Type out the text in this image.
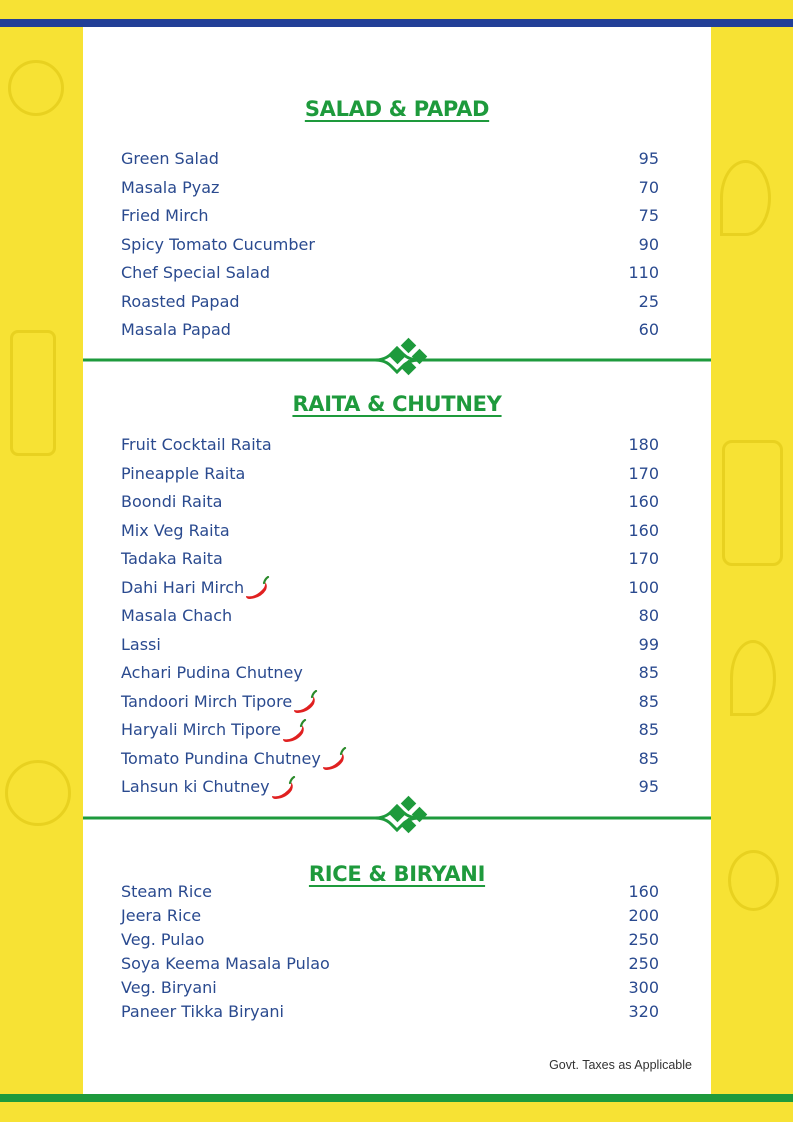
SALAD & PAPAD
Green Salad	95
Masala Pyaz	70
Fried Mirch	75
Spicy Tomato Cucumber	90
Chef Special Salad	110
Roasted Papad	25
Masala Papad	60
RAITA & CHUTNEY
Fruit Cocktail Raita	180
Pineapple Raita	170
Boondi Raita	160
Mix Veg Raita	160
Tadaka Raita	170
Dahi Hari Mirch	100
Masala Chach	80
Lassi	99
Achari Pudina Chutney	85
Tandoori Mirch Tipore	85
Haryali Mirch Tipore	85
Tomato Pundina Chutney	85
Lahsun ki Chutney	95
RICE & BIRYANI
Steam Rice	160
Jeera Rice	200
Veg. Pulao	250
Soya Keema Masala Pulao	250
Veg. Biryani	300
Paneer Tikka Biryani	320
Govt. Taxes as Applicable
